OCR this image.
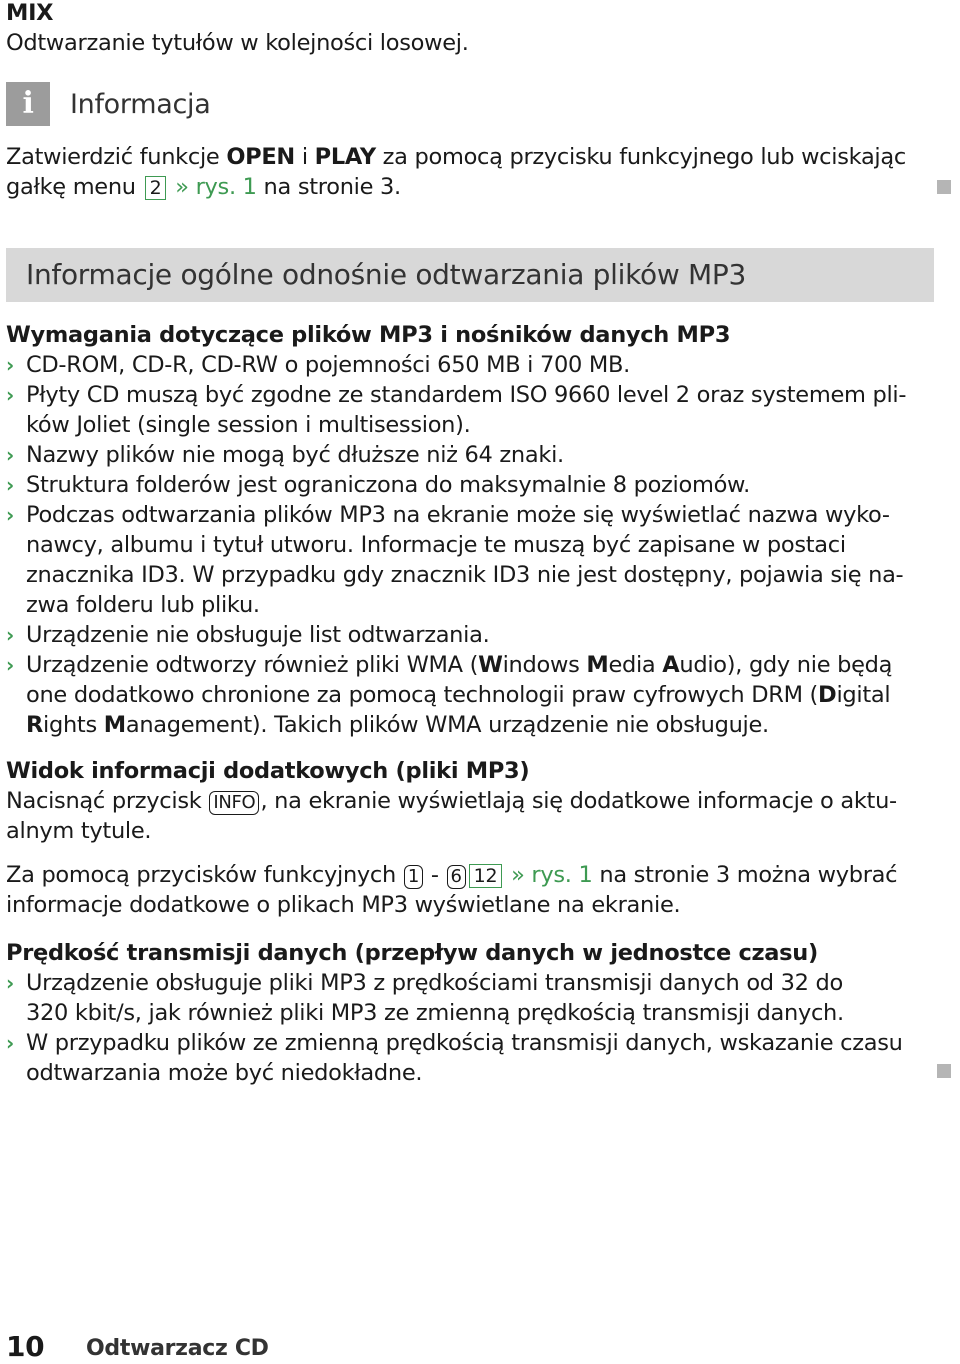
MIX
Odtwarzanie tytułów w kolejności losowej.
i	Informacja
Zatwierdzić funkcje OPEN i PLAY za pomocą przycisku funkcyjnego lub wciskając
gałkę menu 2 » rys. 1 na stronie 3.
Informacje ogólne odnośnie odtwarzania plików MP3
Wymagania dotyczące plików MP3 i nośników danych MP3
› CD-ROM, CD-R, CD-RW o pojemności 650 MB i 700 MB.
› Płyty CD muszą być zgodne ze standardem ISO 9660 level 2 oraz systemem pli-
ków Joliet (single session i multisession).
› Nazwy plików nie mogą być dłuższe niż 64 znaki.
› Struktura folderów jest ograniczona do maksymalnie 8 poziomów.
› Podczas odtwarzania plików MP3 na ekranie może się wyświetlać nazwa wyko-
nawcy, albumu i tytuł utworu. Informacje te muszą być zapisane w postaci
znacznika ID3. W przypadku gdy znacznik ID3 nie jest dostępny, pojawia się na-
zwa folderu lub pliku.
› Urządzenie nie obsługuje list odtwarzania.
› Urządzenie odtworzy również pliki WMA (Windows Media Audio), gdy nie będą
one dodatkowo chronione za pomocą technologii praw cyfrowych DRM (Digital
Rights Management). Takich plików WMA urządzenie nie obsługuje.
Widok informacji dodatkowych (pliki MP3)
Nacisnąć przycisk INFO , na ekranie wyświetlają się dodatkowe informacje o aktu-
alnym tytule.
Za pomocą przycisków funkcyjnych 1 - 6 12 » rys. 1 na stronie 3 można wybrać
informacje dodatkowe o plikach MP3 wyświetlane na ekranie.
Prędkość transmisji danych (przepływ danych w jednostce czasu)
› Urządzenie obsługuje pliki MP3 z prędkościami transmisji danych od 32 do
320 kbit/s, jak również pliki MP3 ze zmienną prędkością transmisji danych.
› W przypadku plików ze zmienną prędkością transmisji danych, wskazanie czasu
odtwarzania może być niedokładne.
10 Odtwarzacz CD
